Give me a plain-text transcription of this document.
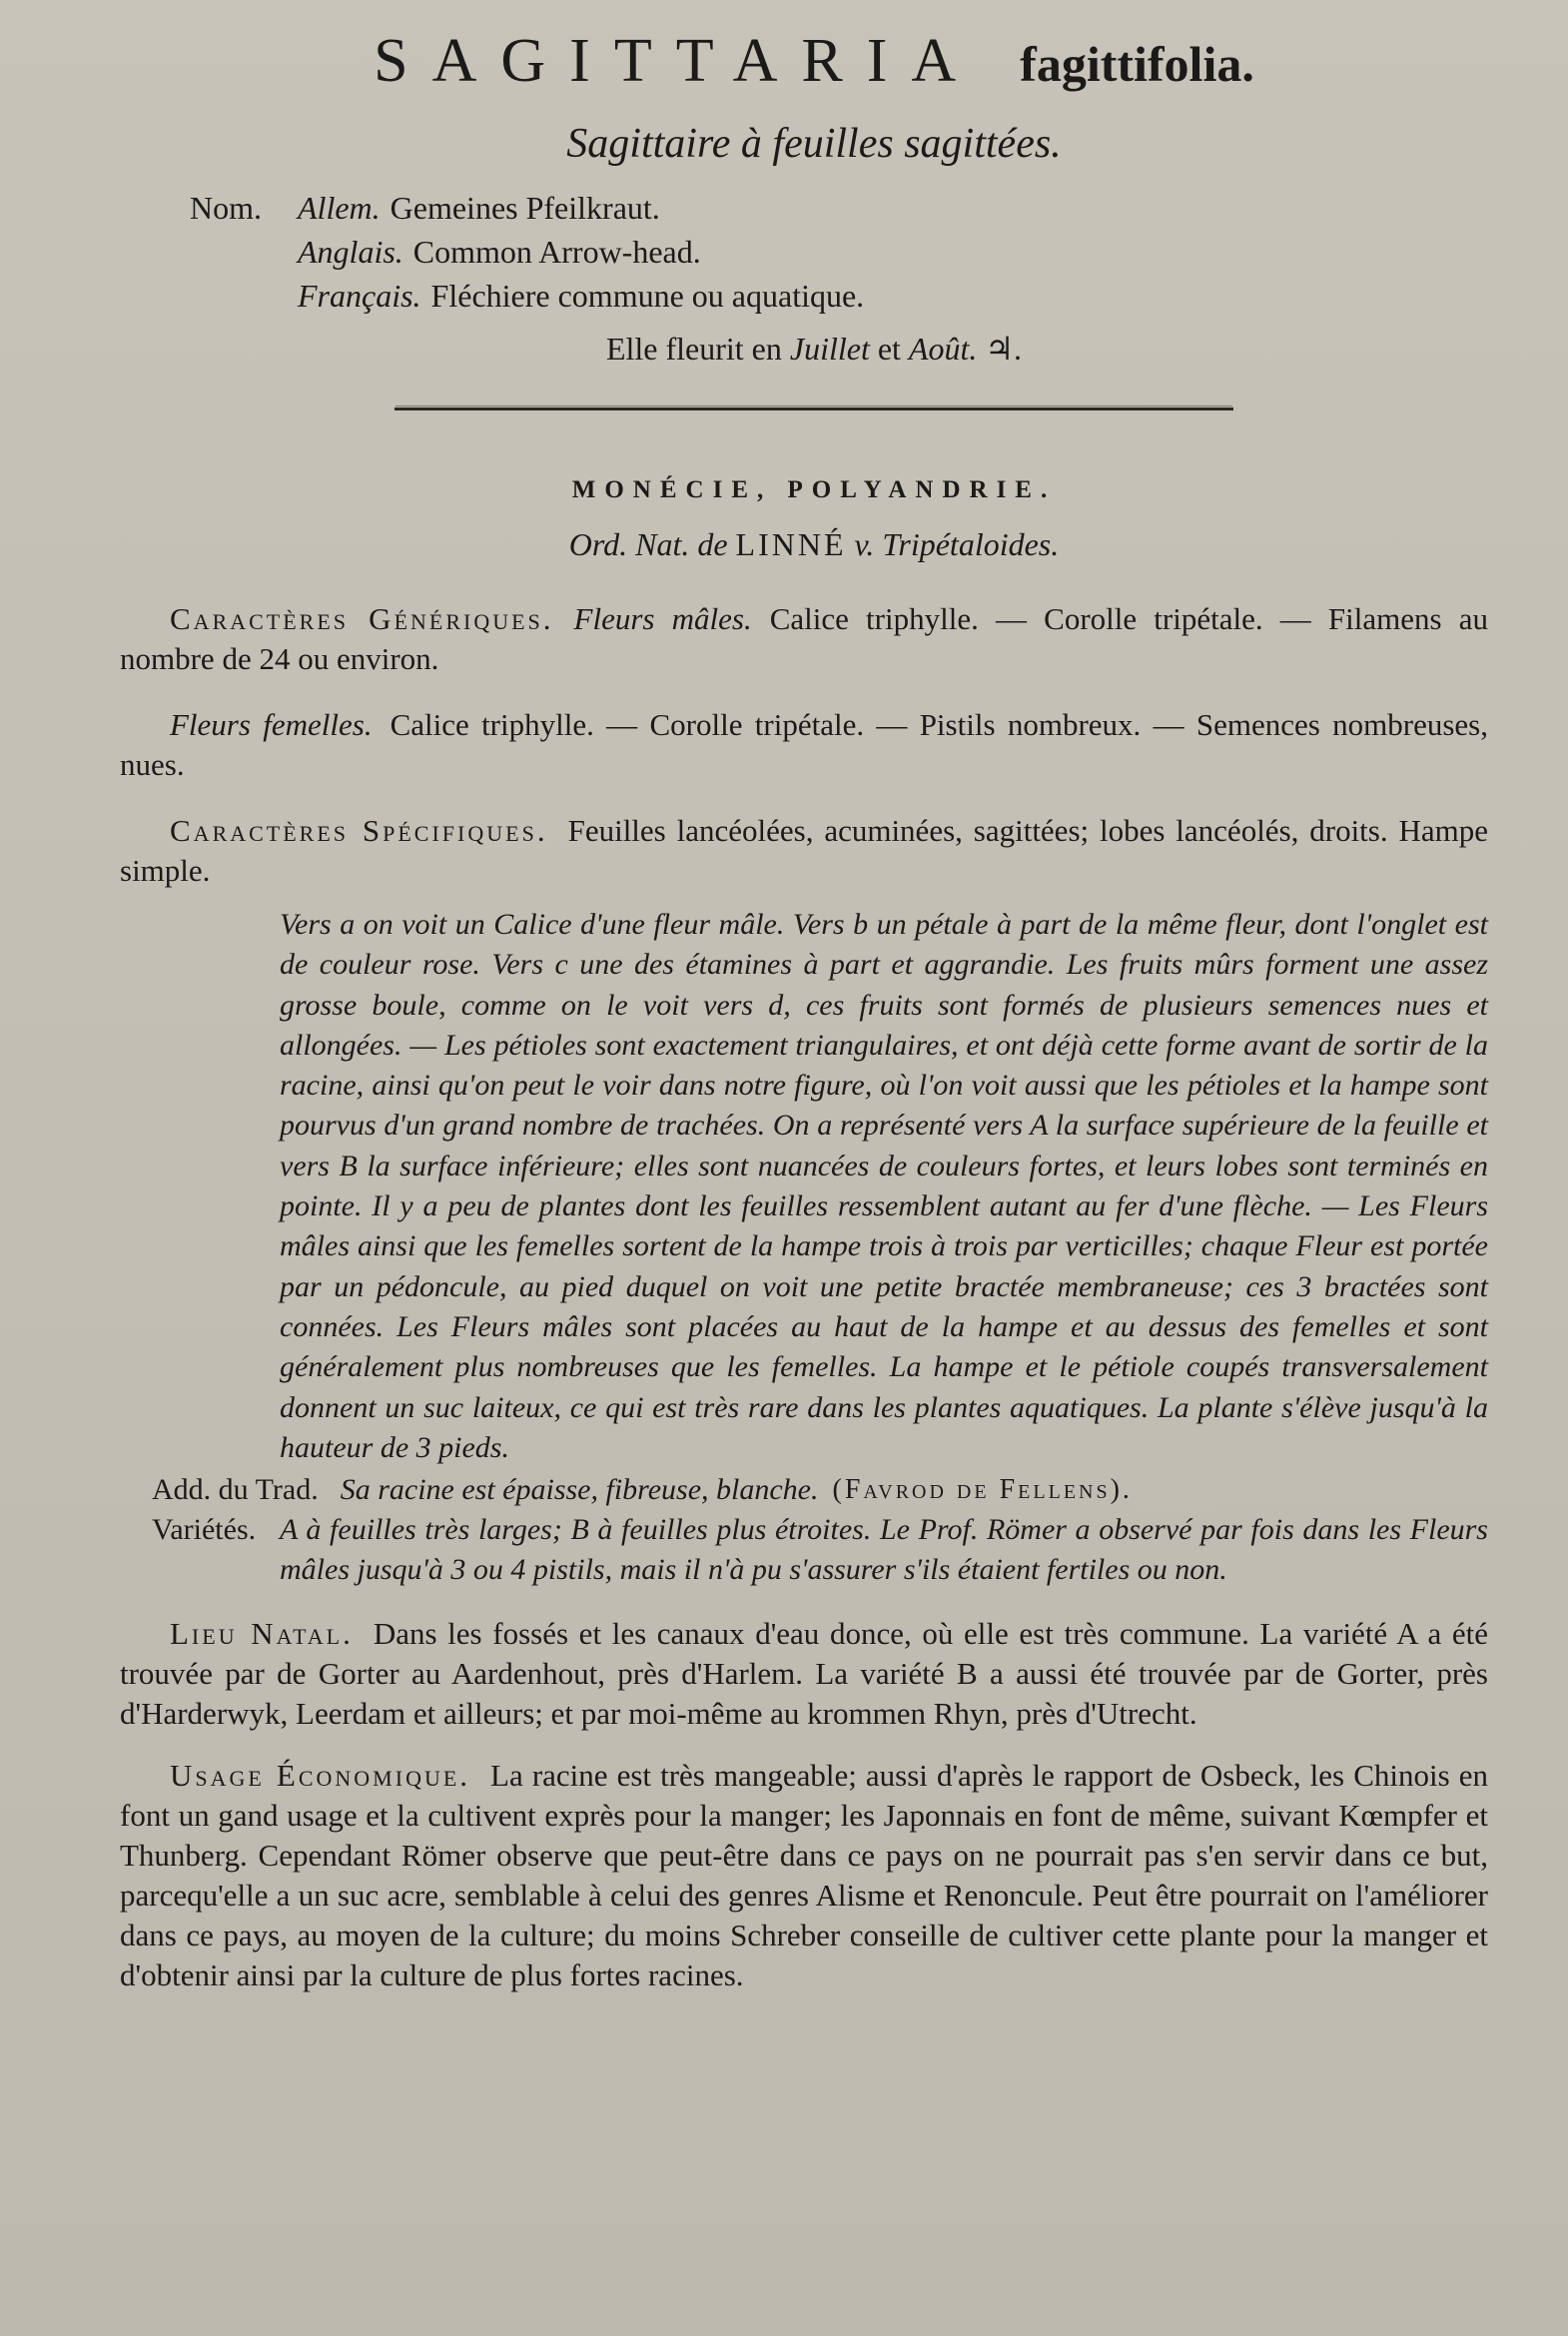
SAGITTARIA fagittifolia.
Sagittaire à feuilles sagittées.
Nom. Allem. Gemeines Pfeilkraut.
Anglais. Common Arrow-head.
Français. Fléchiere commune ou aquatique.
Elle fleurit en Juillet et Août. ♃.
MONÉCIE, POLYANDRIE.
Ord. Nat. de LINNÉ v. Tripétaloides.

Caractères Génériques. Fleurs mâles. Calice triphylle. — Corolle tripétale. — Filamens au nombre de 24 ou environ.

Fleurs femelles. Calice triphylle. — Corolle tripétale. — Pistils nombreux. — Semences nombreuses, nues.

Caractères Spécifiques. Feuilles lancéolées, acuminées, sagittées; lobes lancéolés, droits. Hampe simple.

Vers a on voit un Calice d'une fleur mâle. Vers b un pétale à part de la même fleur, dont l'onglet est de couleur rose. Vers c une des étamines à part et aggrandie. Les fruits mûrs forment une assez grosse boule, comme on le voit vers d, ces fruits sont formés de plusieurs semences nues et allongées. — Les pétioles sont exactement triangulaires, et ont déjà cette forme avant de sortir de la racine, ainsi qu'on peut le voir dans notre figure, où l'on voit aussi que les pétioles et la hampe sont pourvus d'un grand nombre de trachées. On a représenté vers A la surface supérieure de la feuille et vers B la surface inférieure; elles sont nuancées de couleurs fortes, et leurs lobes sont terminés en pointe. Il y a peu de plantes dont les feuilles ressemblent autant au fer d'une flèche. — Les Fleurs mâles ainsi que les femelles sortent de la hampe trois à trois par verticilles; chaque Fleur est portée par un pédoncule, au pied duquel on voit une petite bractée membraneuse; ces 3 bractées sont connées. Les Fleurs mâles sont placées au haut de la hampe et au dessus des femelles et sont généralement plus nombreuses que les femelles. La hampe et le pétiole coupés transversalement donnent un suc laiteux, ce qui est très rare dans les plantes aquatiques. La plante s'élève jusqu'à la hauteur de 3 pieds.
Add. du Trad. Sa racine est épaisse, fibreuse, blanche. (Favrod de Fellens).
Variétés. A à feuilles très larges; B à feuilles plus étroites. Le Prof. Römer a observé par fois dans les Fleurs mâles jusqu'à 3 ou 4 pistils, mais il n'à pu s'assurer s'ils étaient fertiles ou non.

Lieu Natal. Dans les fossés et les canaux d'eau donce, où elle est très commune. La variété A a été trouvée par de Gorter au Aardenhout, près d'Harlem. La variété B a aussi été trouvée par de Gorter, près d'Harderwyk, Leerdam et ailleurs; et par moi-même au krommen Rhyn, près d'Utrecht.

Usage Économique. La racine est très mangeable; aussi d'après le rapport de Osbeck, les Chinois en font un gand usage et la cultivent exprès pour la manger; les Japonnais en font de même, suivant Kœmpfer et Thunberg. Cependant Römer observe que peut-être dans ce pays on ne pourrait pas s'en servir dans ce but, parcequ'elle a un suc acre, semblable à celui des genres Alisme et Renoncule. Peut être pourrait on l'améliorer dans ce pays, au moyen de la culture; du moins Schreber conseille de cultiver cette plante pour la manger et d'obtenir ainsi par la culture de plus fortes racines.
